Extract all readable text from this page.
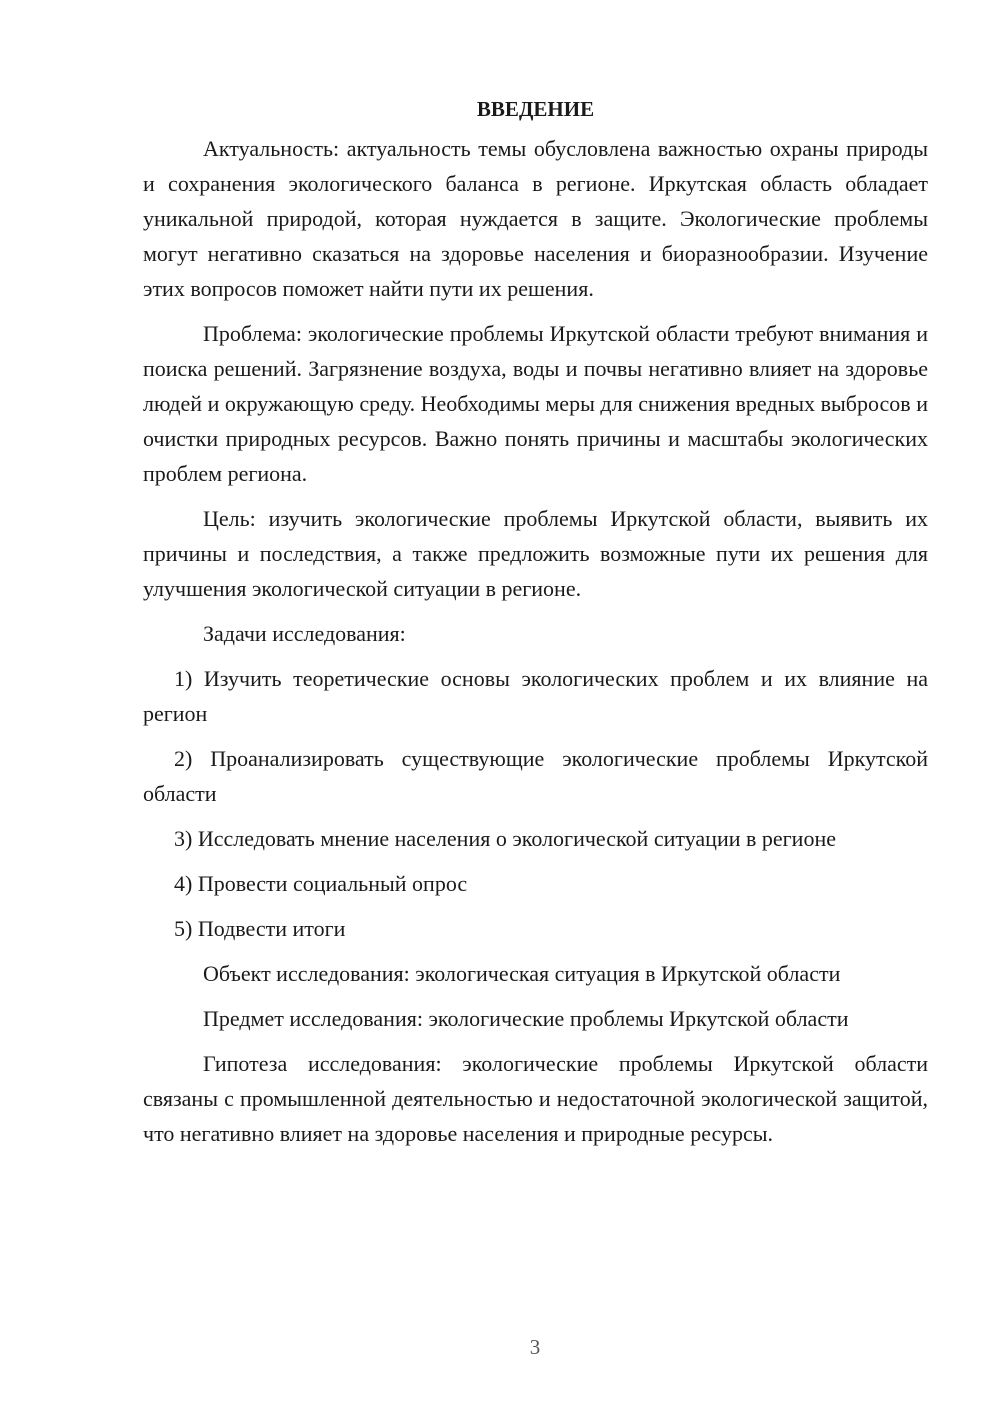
ВВЕДЕНИЕ

Актуальность: актуальность темы обусловлена важностью охраны природы и сохранения экологического баланса в регионе. Иркутская область обладает уникальной природой, которая нуждается в защите. Экологические проблемы могут негативно сказаться на здоровье населения и биоразнообразии. Изучение этих вопросов поможет найти пути их решения.

Проблема: экологические проблемы Иркутской области требуют внимания и поиска решений. Загрязнение воздуха, воды и почвы негативно влияет на здоровье людей и окружающую среду. Необходимы меры для снижения вредных выбросов и очистки природных ресурсов. Важно понять причины и масштабы экологических проблем региона.

Цель: изучить экологические проблемы Иркутской области, выявить их причины и последствия, а также предложить возможные пути их решения для улучшения экологической ситуации в регионе.

Задачи исследования:

1) Изучить теоретические основы экологических проблем и их влияние на регион

2) Проанализировать существующие экологические проблемы Иркутской области

3) Исследовать мнение населения о экологической ситуации в регионе

4) Провести социальный опрос

5) Подвести итоги

Объект исследования: экологическая ситуация в Иркутской области

Предмет исследования: экологические проблемы Иркутской области

Гипотеза исследования: экологические проблемы Иркутской области связаны с промышленной деятельностью и недостаточной экологической защитой, что негативно влияет на здоровье населения и природные ресурсы.

3
